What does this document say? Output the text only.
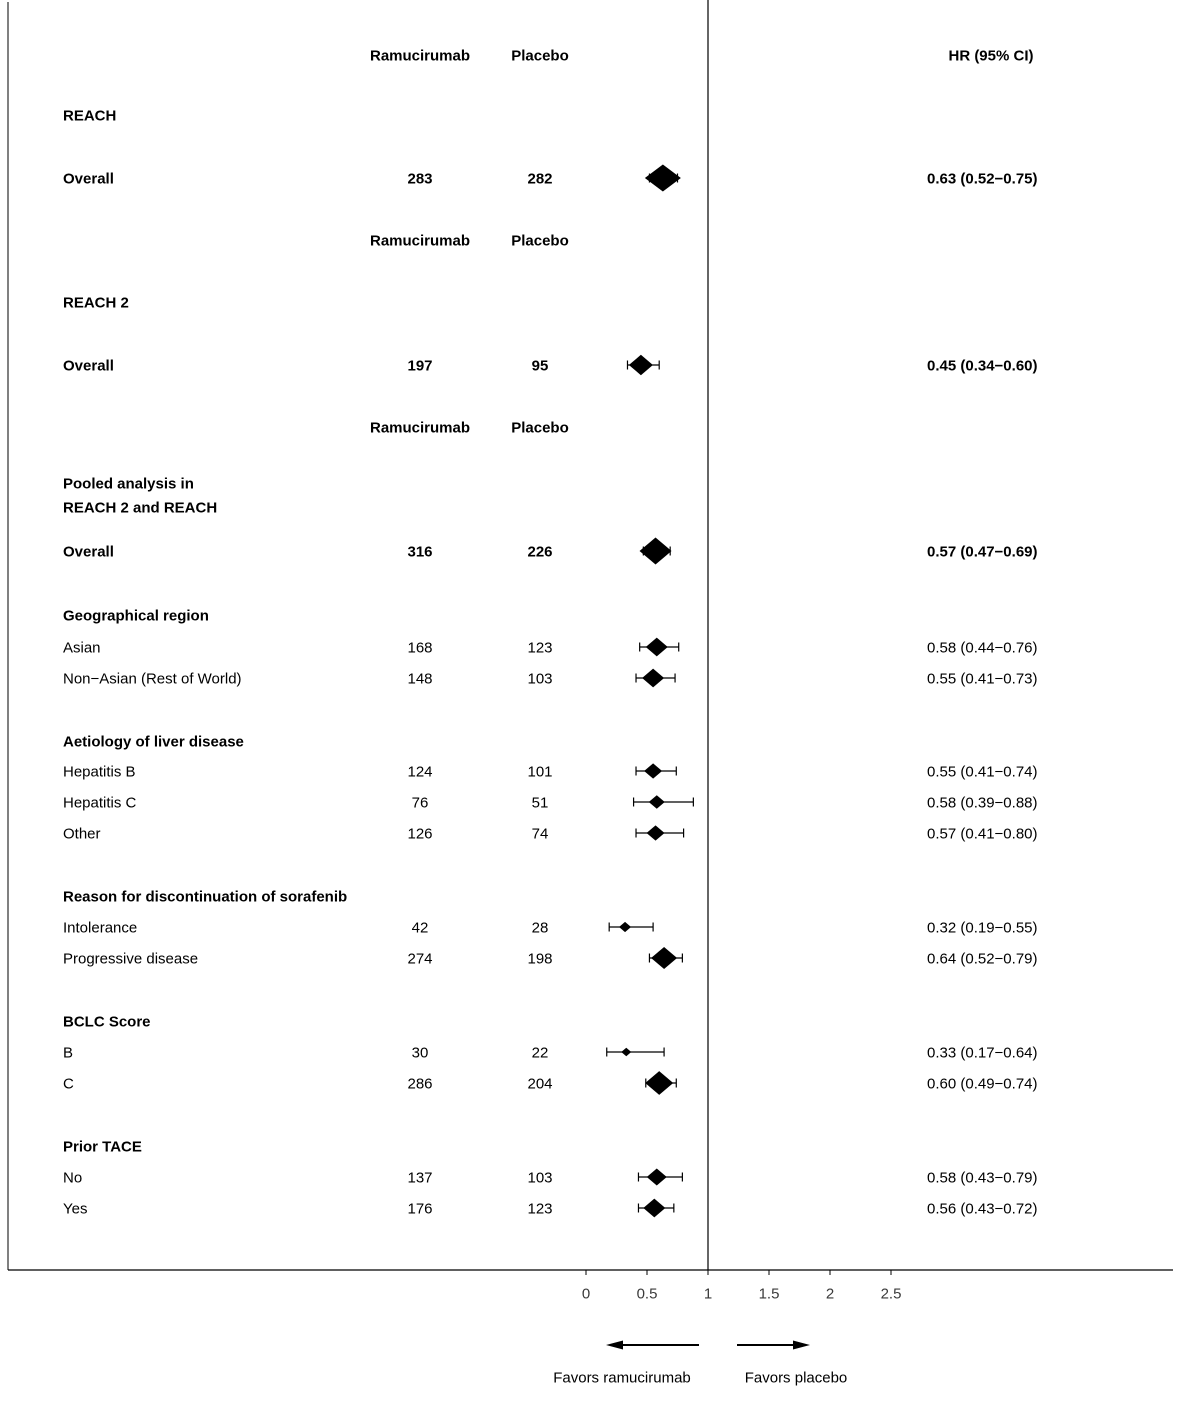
0	0.5	1	1.5	2	2.5
Ramucirumab	Placebo	HR (95% CI)
REACH
Overall	283	282	0.63 (0.52−0.75)
Ramucirumab	Placebo
REACH 2
Overall	197	95	0.45 (0.34−0.60)
Ramucirumab	Placebo
Pooled analysis in
REACH 2 and REACH
Overall	316	226	0.57 (0.47−0.69)
Geographical region
Asian	168	123	0.58 (0.44−0.76)
Non−Asian (Rest of World)	148	103	0.55 (0.41−0.73)
Aetiology of liver disease
Hepatitis B	124	101	0.55 (0.41−0.74)
Hepatitis C	76	51	0.58 (0.39−0.88)
Other	126	74	0.57 (0.41−0.80)
Reason for discontinuation of sorafenib
Intolerance	42	28	0.32 (0.19−0.55)
Progressive disease	274	198	0.64 (0.52−0.79)
BCLC Score
B	30	22	0.33 (0.17−0.64)
C	286	204	0.60 (0.49−0.74)
Prior TACE
No	137	103	0.58 (0.43−0.79)
Yes	176	123	0.56 (0.43−0.72)
Favors ramucirumab	Favors placebo
